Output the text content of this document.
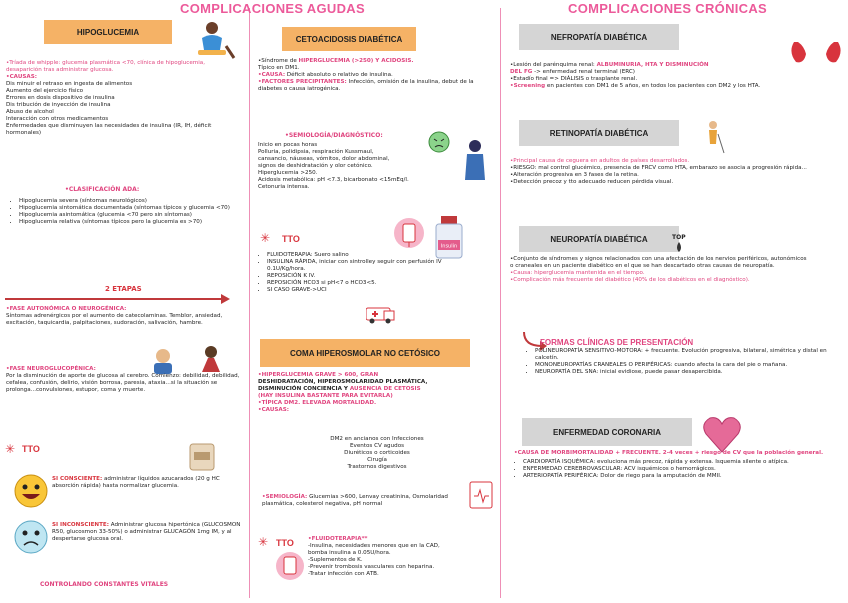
COMPLICACIONES AGUDAS	COMPLICACIONES CRÓNICAS
HIPOGLUCEMIA

•Tríada de whipple: glucemia plasmática <70, clínica de hipoglucemia, desaparición tras administrar glucosa.

•CAUSAS:

Dis minuir el retraso en ingesta de alimentos

Aumento del ejercicio físico

Errores en dosis dispositivo de insulina

Dis tribución de inyección de insulina

Abuso de alcohol

Interacción con otros medicamentos

Enfermedades que disminuyen las necesidades de insulina (IR, IH, déficit hormonales)

•CLASIFICACIÓN ADA:
• Hipoglucemia severa (síntomas neurológicos)
• Hipoglucemia sintomática documentada (síntomas típicos y glucemia <70)
• Hipoglucemia asintomática (glucemia <70 pero sin síntomas)
• Hipoglucemia relativa (síntomas típicos pero la glucemia es >70)
2 ETAPAS

•FASE AUTONÓMICA O NEUROGÉNICA:

Síntomas adrenérgicos por el aumento de catecolaminas. Temblor, ansiedad, excitación, taquicardia, palpitaciones, sudoración, salivación, hambre.

•FASE NEUROGLUCOPÉNICA:

Por la disminución de aporte de glucosa al cerebro. Comienzo: debilidad, debilidad, cefalea, confusión, delirio, visión borrosa, paresia, ataxia...si la situación se prolonga...convulsiones, estupor, coma y muerte.

✳ TTO

SI CONSCIENTE: administrar líquidos azucarados (20 g HC absorción rápida) hasta normalizar glucemia.

SI INCONSCIENTE: Administrar glucosa hipertónica (GLUCOSMON R50, glucosmon 33-50%) o administrar GLUCAGÓN 1mg IM, y al despertarse glucosa oral.

CONTROLANDO CONSTANTES VITALES
CETOACIDOSIS DIABÉTICA

•Síndrome de HIPERGLUCEMIA (>250) Y ACIDOSIS.

Típico en DM1.

•CAUSA: Déficit absoluto o relativo de insulina.

•FACTORES PRECIPITANTES: Infección, omisión de la insulina, debut de la diabetes o causa iatrogénica.

•SEMIOLOGÍA/DIAGNÓSTICO:

Inicio en pocas horas

Polluria, polidipsia, respiración Kussmaul,

cansancio, náuseas, vómitos, dolor abdominal,

signos de deshidratación y olor cetónico.

Hiperglucemia >250.

Acidosis metabólica: pH <7.3, bicarbonato <15mEq/l.

Cetonuria intensa.

✳ TTO
Insulin
• FLUIDOTERAPIA: Suero salino
• INSULINA RÁPIDA, iniciar con sintrolley seguir con perfusión IV 0.1U/Kg/hora.
• REPOSICIÓN K IV.
• REPOSICIÓN HCO3 si pH<7 o HCO3<5.
• SI CASO GRAVE->UCI
COMA HIPEROSMOLAR NO CETÓSICO

•HIPERGLUCEMIA GRAVE > 600, GRAN

DESHIDRATACIÓN, HIPEROSMOLARIDAD PLASMÁTICA,

DISMINUCIÓN CONCIENCIA Y AUSENCIA DE CETOSIS

(HAY INSULINA BASTANTE PARA EVITARLA)

•TÍPICA DM2. ELEVADA MORTALIDAD.

•CAUSAS:

DM2 en ancianos con Infecciones

Eventos CV agudos

Diuréticos o corticoides

Cirugía

Trastornos digestivos

•SEMIOLOGÍA: Glucemias >600, Lenvay creatinina, Osmolaridad plasmática, colesterol negativa, pH normal

✳ TTO	•FLUIDOTERAPIA**

-Insulina, necesidades menores que en la CAD,

bomba insulina a 0.05U/hora.

-Suplementos de K.

-Prevenir trombosis vasculares con heparina.

-Tratar infección con ATB.

NEFROPATÍA DIABÉTICA

•Lesión del parénquima renal: ALBUMINURIA, HTA Y DISMINUCIÓN

DEL FG -> enfermedad renal terminal (ERC)

•Estadío final => DIÁLISIS o trasplante renal.

•Screening en pacientes con DM1 de 5 años, en todos los pacientes con DM2 y los HTA.

RETINOPATÍA DIABÉTICA

•Principal causa de ceguera en adultos de países desarrollados.

•RIESGO: mal control glucémico, presencia de FRCV como HTA, embarazo se asocia a progresión rápida...

•Alteración progresiva en 3 fases de la retina.

•Detección precoz y tto adecuado reducen pérdida visual.

NEUROPATÍA DIABÉTICA	TOP

•Conjunto de síndromes y signos relacionados con una afectación de los nervios periféricos, autonómicos o craneales en un paciente diabético en el que se han descartado otras causas de neuropatía.

•Causa: hiperglucemia mantenida en el tiempo.

•Complicación más frecuente del diabético (40% de los diabéticos en el diagnóstico).

FORMAS CLÍNICAS DE PRESENTACIÓN
• POLINEUROPATÍA SENSITIVO-MOTORA: + frecuente. Evolución progresiva, bilateral, simétrica y distal en calcetín.
• MONONEUROPATÍAS CRANEALES O PERIFÉRICAS: cuando afecta la cara del pie o mañana.
• NEUROPATÍA DEL SNA: inicial evidiose, puede pasar desapercibida.
ENFERMEDAD CORONARIA

•CAUSA DE MORBIMORTALIDAD + FRECUENTE. 2-4 veces + riesgo de CV que la población general.

• CARDIOPATÍA ISQUÉMICA: evoluciona más precoz, rápida y extensa. Isquemia silente o atípica.
• ENFERMEDAD CEREBROVASCULAR: ACV isquémicos o hemorrágicos.
• ARTERIOPATÍA PERIFÉRICA: Dolor de riego para la amputación de MMII.
